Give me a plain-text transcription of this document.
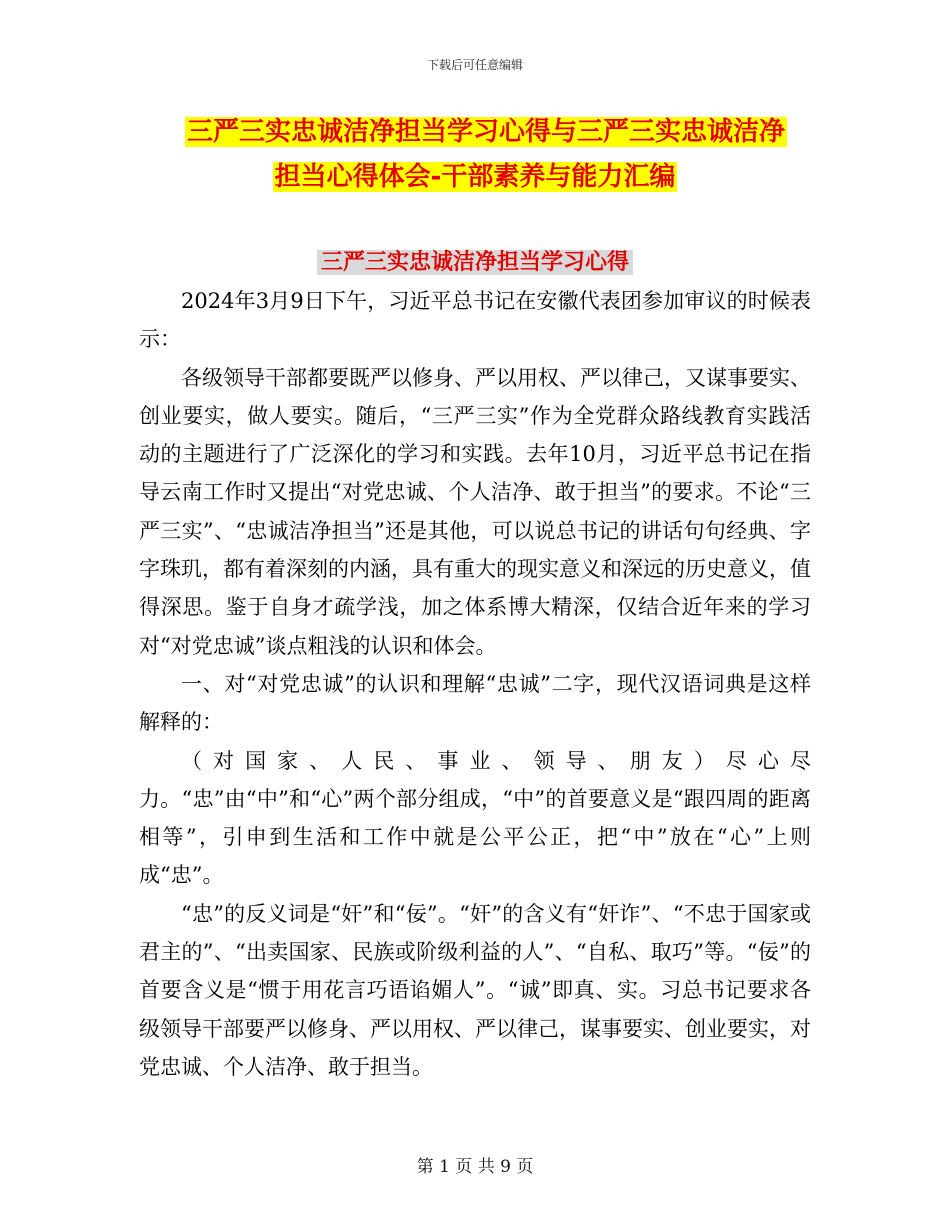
下载后可任意编辑
三严三实忠诚洁净担当学习心得与三严三实忠诚洁净
担当心得体会-干部素养与能力汇编
三严三实忠诚洁净担当学习心得

2024年3月9日下午，习近平总书记在安徽代表团参加审议的时候表示：

各级领导干部都要既严以修身、严以用权、严以律己，又谋事要实、创业要实，做人要实。随后，“三严三实”作为全党群众路线教育实践活动的主题进行了广泛深化的学习和实践。去年10月，习近平总书记在指导云南工作时又提出“对党忠诚、个人洁净、敢于担当”的要求。不论“三严三实”、“忠诚洁净担当”还是其他，可以说总书记的讲话句句经典、字字珠玑，都有着深刻的内涵，具有重大的现实意义和深远的历史意义，值得深思。鉴于自身才疏学浅，加之体系博大精深，仅结合近年来的学习对“对党忠诚”谈点粗浅的认识和体会。

一、对“对党忠诚”的认识和理解“忠诚”二字，现代汉语词典是这样解释的：

（对国家、人民、事业、领导、朋友）尽心尽力。“忠”由“中”和“心”两个部分组成，“中”的首要意义是“跟四周的距离相等”，引申到生活和工作中就是公平公正，把“中”放在“心”上则成“忠”。

“忠”的反义词是“奸”和“佞”。“奸”的含义有“奸诈”、“不忠于国家或君主的”、“出卖国家、民族或阶级利益的人”、“自私、取巧”等。“佞”的首要含义是“惯于用花言巧语谄媚人”。“诚”即真、实。习总书记要求各级领导干部要严以修身、严以用权、严以律己，谋事要实、创业要实，对党忠诚、个人洁净、敢于担当。

第 1 页 共 9 页
